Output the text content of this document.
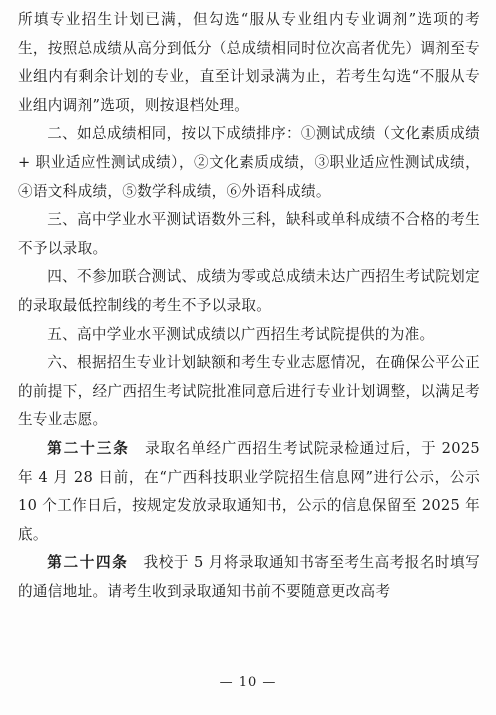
所填专业招生计划已满，但勾选“服从专业组内专业调剂”选项的考生，按照总成绩从高分到低分（总成绩相同时位次高者优先）调剂至专业组内有剩余计划的专业，直至计划录满为止，若考生勾选“不服从专业组内调剂”选项，则按退档处理。

二、如总成绩相同，按以下成绩排序：①测试成绩（文化素质成绩 + 职业适应性测试成绩），②文化素质成绩，③职业适应性测试成绩，④语文科成绩，⑤数学科成绩，⑥外语科成绩。

三、高中学业水平测试语数外三科，缺科或单科成绩不合格的考生不予以录取。

四、不参加联合测试、成绩为零或总成绩未达广西招生考试院划定的录取最低控制线的考生不予以录取。

五、高中学业水平测试成绩以广西招生考试院提供的为准。

六、根据招生专业计划缺额和考生专业志愿情况，在确保公平公正的前提下，经广西招生考试院批准同意后进行专业计划调整，以满足考生专业志愿。

第二十三条　录取名单经广西招生考试院录检通过后，于 2025 年 4 月 28 日前，在“广西科技职业学院招生信息网”进行公示，公示 10 个工作日后，按规定发放录取通知书，公示的信息保留至 2025 年底。

第二十四条　我校于 5 月将录取通知书寄至考生高考报名时填写的通信地址。请考生收到录取通知书前不要随意更改高考

— 10 —
